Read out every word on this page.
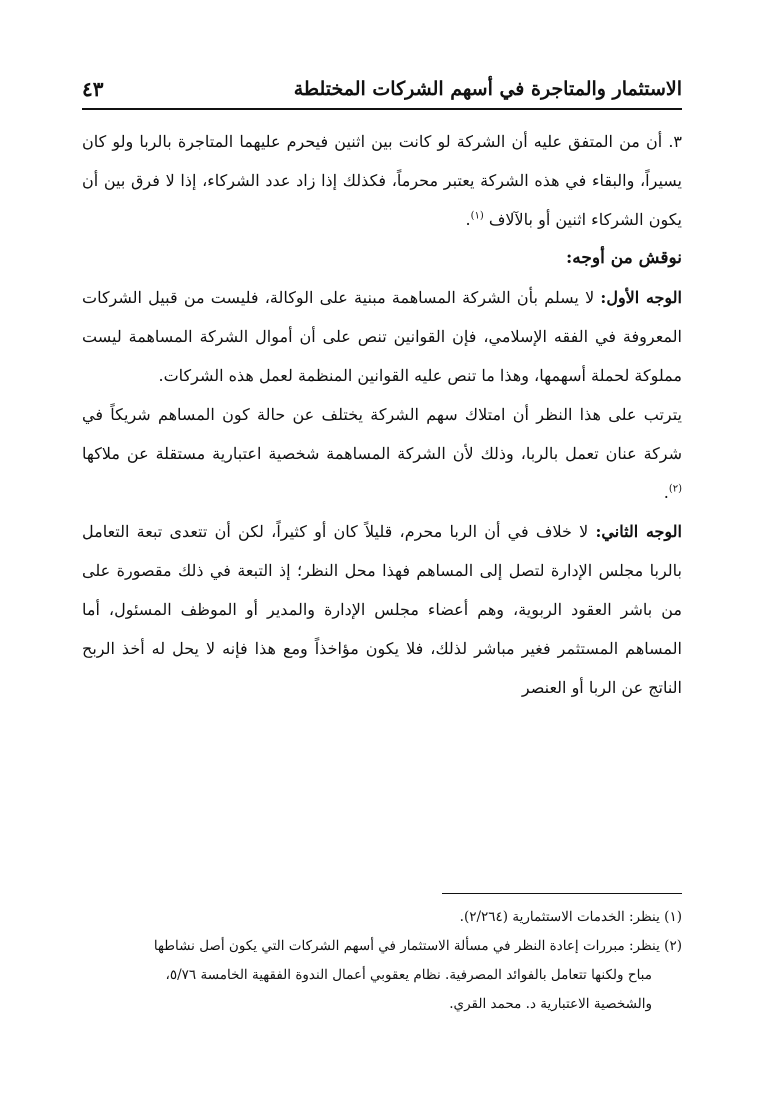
الاستثمار والمتاجرة في أسهم الشركات المختلطة
٤٣

٣. أن من المتفق عليه أن الشركة لو كانت بين اثنين فيحرم عليهما المتاجرة بالربا ولو كان يسيراً، والبقاء في هذه الشركة يعتبر محرماً، فكذلك إذا زاد عدد الشركاء، إذا لا فرق بين أن يكون الشركاء اثنين أو بالآلاف $^{(١)}$.

نوقش من أوجه:

الوجه الأول: لا يسلم بأن الشركة المساهمة مبنية على الوكالة، فليست من قبيل الشركات المعروفة في الفقه الإسلامي، فإن القوانين تنص على أن أموال الشركة المساهمة ليست مملوكة لحملة أسهمها، وهذا ما تنص عليه القوانين المنظمة لعمل هذه الشركات.

يترتب على هذا النظر أن امتلاك سهم الشركة يختلف عن حالة كون المساهم شريكاً في شركة عنان تعمل بالربا، وذلك لأن الشركة المساهمة شخصية اعتبارية مستقلة عن ملاكها $^{(٢)}$.

الوجه الثاني: لا خلاف في أن الربا محرم، قليلاً كان أو كثيراً، لكن أن تتعدى تبعة التعامل بالربا مجلس الإدارة لتصل إلى المساهم فهذا محل النظر؛ إذ التبعة في ذلك مقصورة على من باشر العقود الربوية، وهم أعضاء مجلس الإدارة والمدير أو الموظف المسئول، أما المساهم المستثمر فغير مباشر لذلك، فلا يكون مؤاخذاً ومع هذا فإنه لا يحل له أخذ الربح الناتج عن الربا أو العنصر

(١) ينظر: الخدمات الاستثمارية (٢/٢٦٤).

(٢) ينظر: مبررات إعادة النظر في مسألة الاستثمار في أسهم الشركات التي يكون أصل نشاطها

مباح ولكنها تتعامل بالفوائد المصرفية. نظام يعقوبي أعمال الندوة الفقهية الخامسة ٥/٧٦،

والشخصية الاعتبارية د. محمد القري.
